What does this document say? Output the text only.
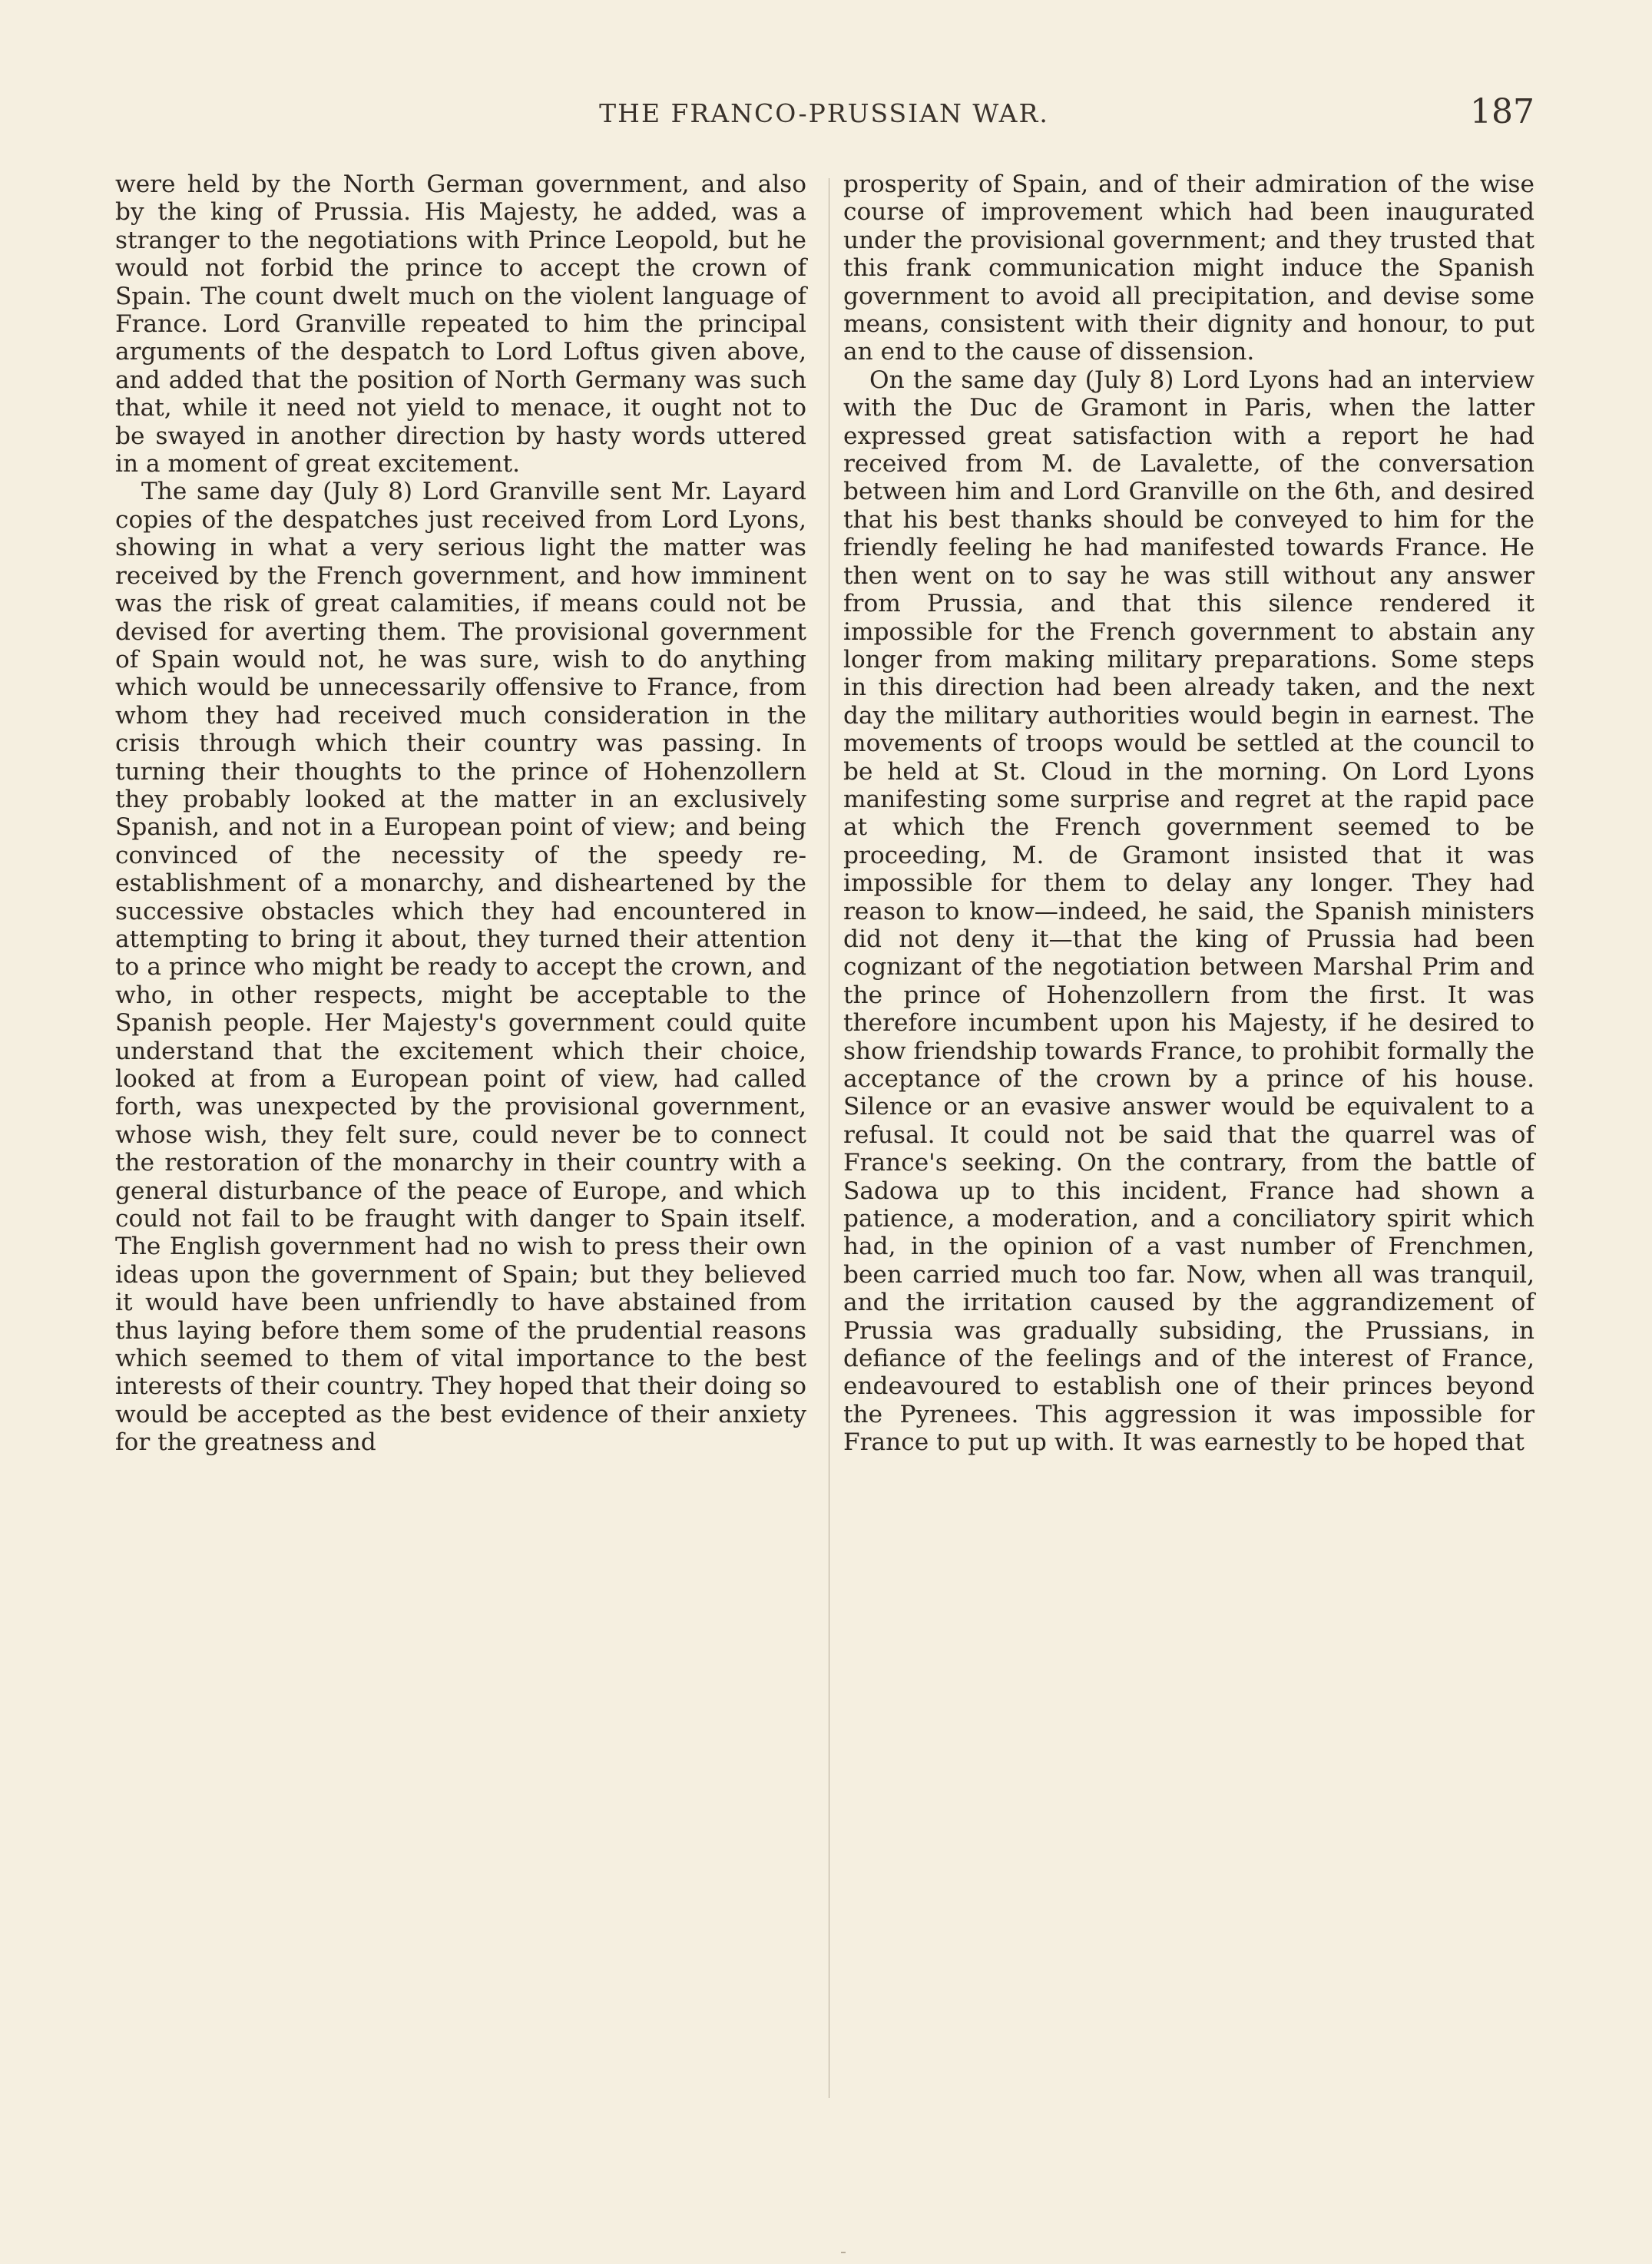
THE FRANCO-PRUSSIAN WAR.	187

were held by the North German government, and also by the king of Prussia. His Majesty, he added, was a stranger to the negotiations with Prince Leopold, but he would not forbid the prince to accept the crown of Spain. The count dwelt much on the violent language of France. Lord Granville repeated to him the principal arguments of the despatch to Lord Loftus given above, and added that the position of North Germany was such that, while it need not yield to menace, it ought not to be swayed in another direction by hasty words uttered in a moment of great excitement.

The same day (July 8) Lord Granville sent Mr. Layard copies of the despatches just received from Lord Lyons, showing in what a very serious light the matter was received by the French government, and how imminent was the risk of great calamities, if means could not be devised for averting them. The provisional government of Spain would not, he was sure, wish to do anything which would be unnecessarily offensive to France, from whom they had received much consideration in the crisis through which their country was passing. In turning their thoughts to the prince of Hohenzollern they probably looked at the matter in an exclusively Spanish, and not in a European point of view; and being convinced of the necessity of the speedy re-establishment of a monarchy, and disheartened by the successive obstacles which they had encountered in attempting to bring it about, they turned their attention to a prince who might be ready to accept the crown, and who, in other respects, might be acceptable to the Spanish people. Her Majesty's government could quite understand that the excitement which their choice, looked at from a European point of view, had called forth, was unexpected by the provisional government, whose wish, they felt sure, could never be to connect the restoration of the monarchy in their country with a general disturbance of the peace of Europe, and which could not fail to be fraught with danger to Spain itself. The English government had no wish to press their own ideas upon the government of Spain; but they believed it would have been unfriendly to have abstained from thus laying before them some of the prudential reasons which seemed to them of vital importance to the best interests of their country. They hoped that their doing so would be accepted as the best evidence of their anxiety for the greatness and

prosperity of Spain, and of their admiration of the wise course of improvement which had been inaugurated under the provisional government; and they trusted that this frank communication might induce the Spanish government to avoid all precipitation, and devise some means, consistent with their dignity and honour, to put an end to the cause of dissension.

On the same day (July 8) Lord Lyons had an interview with the Duc de Gramont in Paris, when the latter expressed great satisfaction with a report he had received from M. de Lavalette, of the conversation between him and Lord Granville on the 6th, and desired that his best thanks should be conveyed to him for the friendly feeling he had manifested towards France. He then went on to say he was still without any answer from Prussia, and that this silence rendered it impossible for the French government to abstain any longer from making military preparations. Some steps in this direction had been already taken, and the next day the military authorities would begin in earnest. The movements of troops would be settled at the council to be held at St. Cloud in the morning. On Lord Lyons manifesting some surprise and regret at the rapid pace at which the French government seemed to be proceeding, M. de Gramont insisted that it was impossible for them to delay any longer. They had reason to know—indeed, he said, the Spanish ministers did not deny it—that the king of Prussia had been cognizant of the negotiation between Marshal Prim and the prince of Hohenzollern from the first. It was therefore incumbent upon his Majesty, if he desired to show friendship towards France, to prohibit formally the acceptance of the crown by a prince of his house. Silence or an evasive answer would be equivalent to a refusal. It could not be said that the quarrel was of France's seeking. On the contrary, from the battle of Sadowa up to this incident, France had shown a patience, a moderation, and a conciliatory spirit which had, in the opinion of a vast number of Frenchmen, been carried much too far. Now, when all was tranquil, and the irritation caused by the aggrandizement of Prussia was gradually subsiding, the Prussians, in defiance of the feelings and of the interest of France, endeavoured to establish one of their princes beyond the Pyrenees. This aggression it was impossible for France to put up with. It was earnestly to be hoped that
